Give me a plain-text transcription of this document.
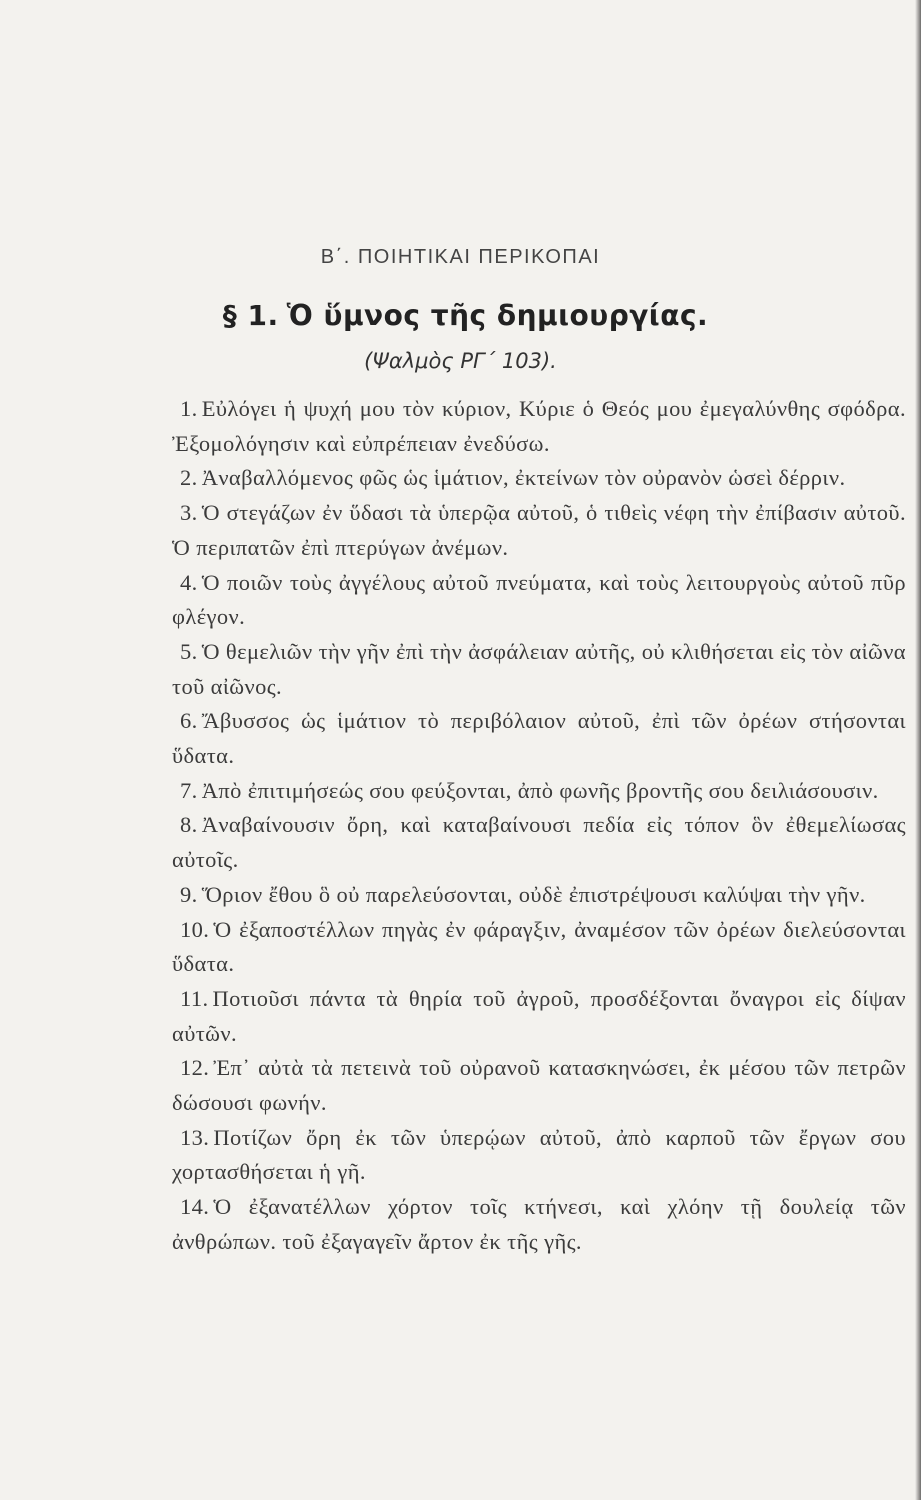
Β΄. ΠΟΙΗΤΙΚΑΙ ΠΕΡΙΚΟΠΑΙ
§ 1. Ὁ ὕμνος τῆς δημιουργίας.
(Ψαλμὸς ΡΓ΄ 103).

1. Εὐλόγει ἡ ψυχή μου τὸν κύριον, Κύριε ὁ Θεός μου ἐμεγαλύνθης σφόδρα. Ἐξομολόγησιν καὶ εὐπρέπειαν ἐνεδύσω.

2. Ἀναβαλλόμενος φῶς ὡς ἱμάτιον, ἐκτείνων τὸν οὐρανὸν ὡσεὶ δέρριν.

3. Ὁ στεγάζων ἐν ὕδασι τὰ ὑπερῷα αὐτοῦ, ὁ τιθεὶς νέφη τὴν ἐπίβασιν αὐτοῦ. Ὁ περιπατῶν ἐπὶ πτερύγων ἀνέμων.

4. Ὁ ποιῶν τοὺς ἀγγέλους αὐτοῦ πνεύματα, καὶ τοὺς λειτουργοὺς αὐτοῦ πῦρ φλέγον.

5. Ὁ θεμελιῶν τὴν γῆν ἐπὶ τὴν ἀσφάλειαν αὐτῆς, οὐ κλιθήσεται εἰς τὸν αἰῶνα τοῦ αἰῶνος.

6. Ἄβυσσος ὡς ἱμάτιον τὸ περιβόλαιον αὐτοῦ, ἐπὶ τῶν ὀρέων στήσονται ὕδατα.

7. Ἀπὸ ἐπιτιμήσεώς σου φεύξονται, ἀπὸ φωνῆς βροντῆς σου δειλιάσουσιν.

8. Ἀναβαίνουσιν ὄρη, καὶ καταβαίνουσι πεδία εἰς τόπον ὃν ἐθεμελίωσας αὐτοῖς.

9. Ὅριον ἔθου ὃ οὐ παρελεύσονται, οὐδὲ ἐπιστρέψουσι καλύψαι τὴν γῆν.

10. Ὁ ἐξαποστέλλων πηγὰς ἐν φάραγξιν, ἀναμέσον τῶν ὀρέων διελεύσονται ὕδατα.

11. Ποτιοῦσι πάντα τὰ θηρία τοῦ ἀγροῦ, προσδέξονται ὄναγροι εἰς δίψαν αὐτῶν.

12. Ἐπ᾽ αὐτὰ τὰ πετεινὰ τοῦ οὐρανοῦ κατασκηνώσει, ἐκ μέσου τῶν πετρῶν δώσουσι φωνήν.

13. Ποτίζων ὄρη ἐκ τῶν ὑπερῴων αὐτοῦ, ἀπὸ καρποῦ τῶν ἔργων σου χορτασθήσεται ἡ γῆ.

14. Ὁ ἐξανατέλλων χόρτον τοῖς κτήνεσι, καὶ χλόην τῇ δουλείᾳ τῶν ἀνθρώπων. τοῦ ἐξαγαγεῖν ἄρτον ἐκ τῆς γῆς.
